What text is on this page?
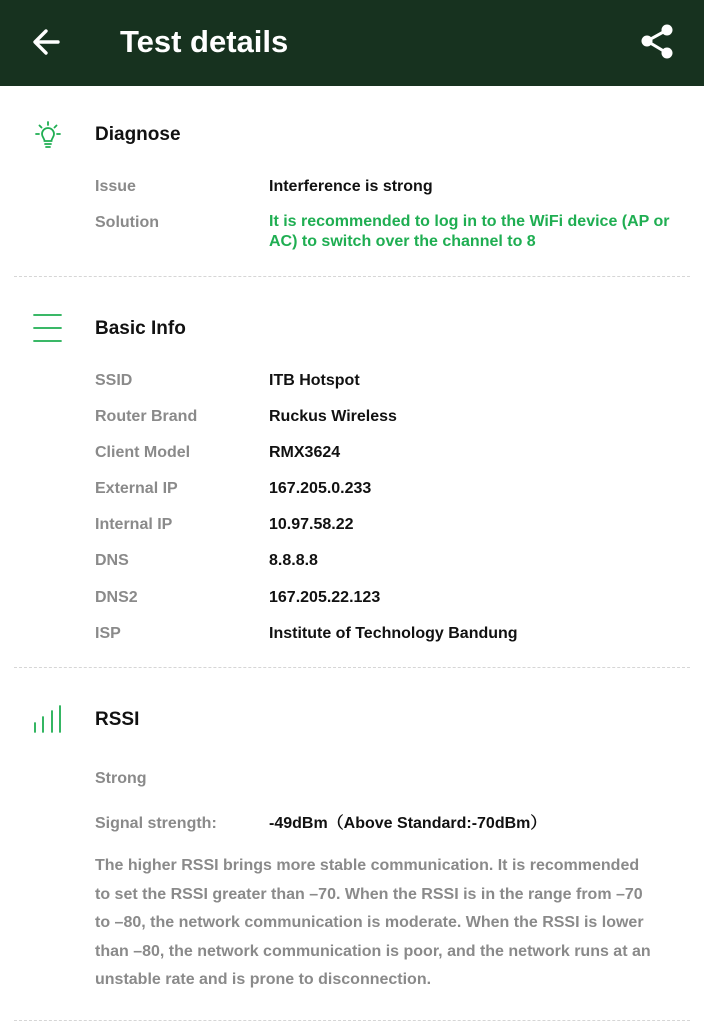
Test details
Diagnose
Issue	Interference is strong
Solution	It is recommended to log in to the WiFi device (AP or AC) to switch over the channel to 8
Basic Info
SSID	ITB Hotspot
Router Brand	Ruckus Wireless
Client Model	RMX3624
External IP	167.205.0.233
Internal IP	10.97.58.22
DNS	8.8.8.8
DNS2	167.205.22.123
ISP	Institute of Technology Bandung
RSSI
Strong
Signal strength:	-49dBm（Above Standard:-70dBm）
The higher RSSI brings more stable communication. It is recommended to set the RSSI greater than –70. When the RSSI is in the range from –70 to –80, the network communication is moderate. When the RSSI is lower than –80, the network communication is poor, and the network runs at an unstable rate and is prone to disconnection.
